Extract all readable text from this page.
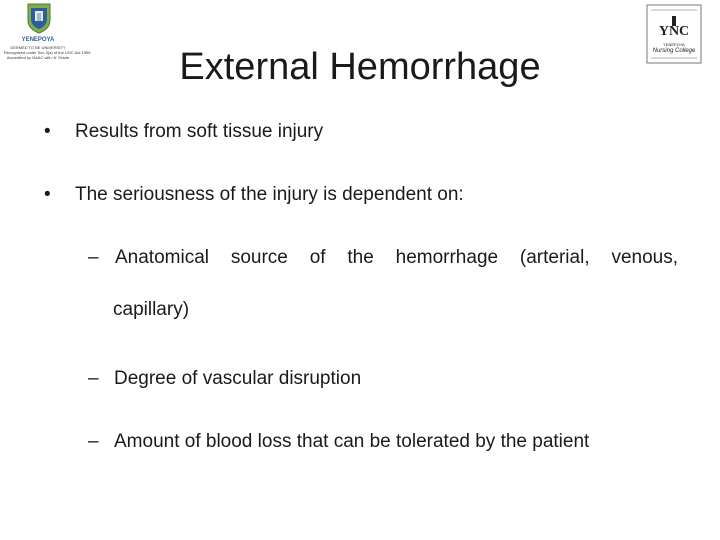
YENEPOYA
DEEMED TO BE UNIVERSITY
Recognized under Sec 3(a) of the UGC Act 1956
Accredited by NAAC with 'A' Grade
YNC
YENEPOYA
Nursing College
External Hemorrhage
• Results from soft tissue injury
• The seriousness of the injury is dependent on:
– Anatomical source of the hemorrhage (arterial, venous,
capillary)
– Degree of vascular disruption
– Amount of blood loss that can be tolerated by the patient
